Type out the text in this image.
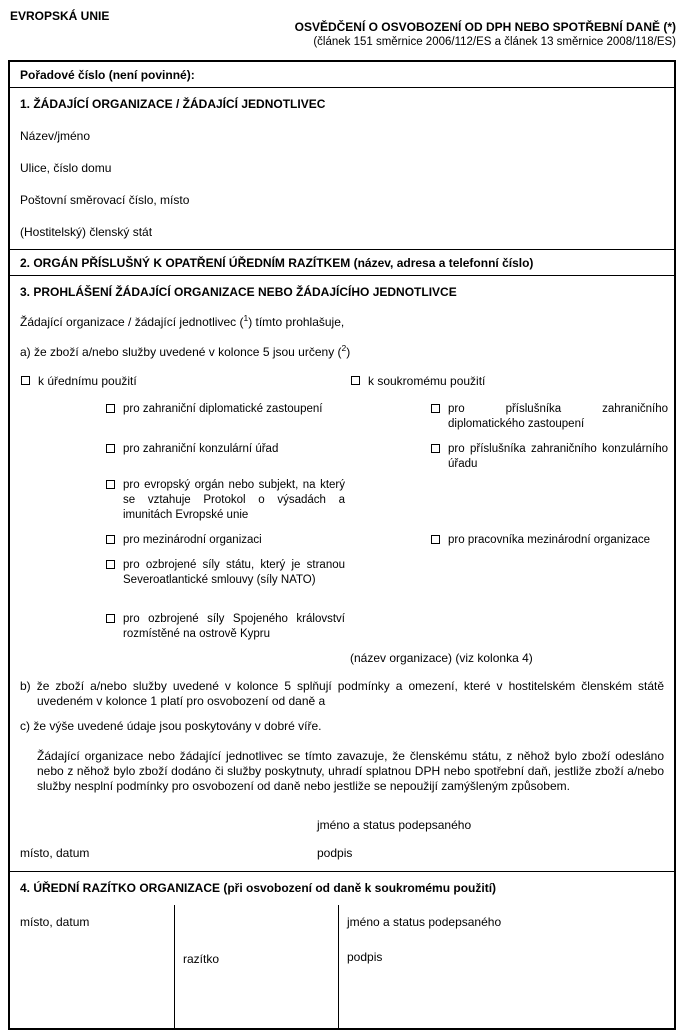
EVROPSKÁ UNIE
OSVĚDČENÍ O OSVOBOZENÍ OD DPH NEBO SPOTŘEBNÍ DANĚ (*)
(článek 151 směrnice 2006/112/ES a článek 13 směrnice 2008/118/ES)
Pořadové číslo (není povinné):
1. ŽÁDAJÍCÍ ORGANIZACE / ŽÁDAJÍCÍ JEDNOTLIVEC
Název/jméno
Ulice, číslo domu
Poštovní směrovací číslo, místo
(Hostitelský) členský stát
2. ORGÁN PŘÍSLUŠNÝ K OPATŘENÍ ÚŘEDNÍM RAZÍTKEM (název, adresa a telefonní číslo)
3. PROHLÁŠENÍ ŽÁDAJÍCÍ ORGANIZACE NEBO ŽÁDAJÍCÍHO JEDNOTLIVCE
Žádající organizace / žádající jednotlivec ($^1$) tímto prohlašuje,
a) že zboží a/nebo služby uvedené v kolonce 5 jsou určeny ($^2$)
k úřednímu použití	k soukromému použití
pro zahraniční diplomatické zastoupení
pro zahraniční konzulární úřad
pro evropský orgán nebo subjekt, na který se vztahuje Protokol o výsadách a imunitách Evropské unie
pro mezinárodní organizaci
pro ozbrojené síly státu, který je stranou Severoatlantické smlouvy (síly NATO)
pro ozbrojené síly Spojeného království rozmístěné na ostrově Kypru
pro příslušníka zahraničního diplomatického zastoupení
pro příslušníka zahraničního konzulárního úřadu
pro pracovníka mezinárodní organizace
(název organizace) (viz kolonka 4)
b) že zboží a/nebo služby uvedené v kolonce 5 splňují podmínky a omezení, které v hostitelském členském státě uvedeném v kolonce 1 platí pro osvobození od daně a
c) že výše uvedené údaje jsou poskytovány v dobré víře.
Žádající organizace nebo žádající jednotlivec se tímto zavazuje, že členskému státu, z něhož bylo zboží odesláno nebo z něhož bylo zboží dodáno či služby poskytnuty, uhradí splatnou DPH nebo spotřební daň, jestliže zboží a/nebo služby nesplní podmínky pro osvobození od daně nebo jestliže se nepoužijí zamýšleným způsobem.
jméno a status podepsaného
místo, datum	podpis
4. ÚŘEDNÍ RAZÍTKO ORGANIZACE (při osvobození od daně k soukromému použití)
místo, datum
razítko
jméno a status podepsaného
podpis
